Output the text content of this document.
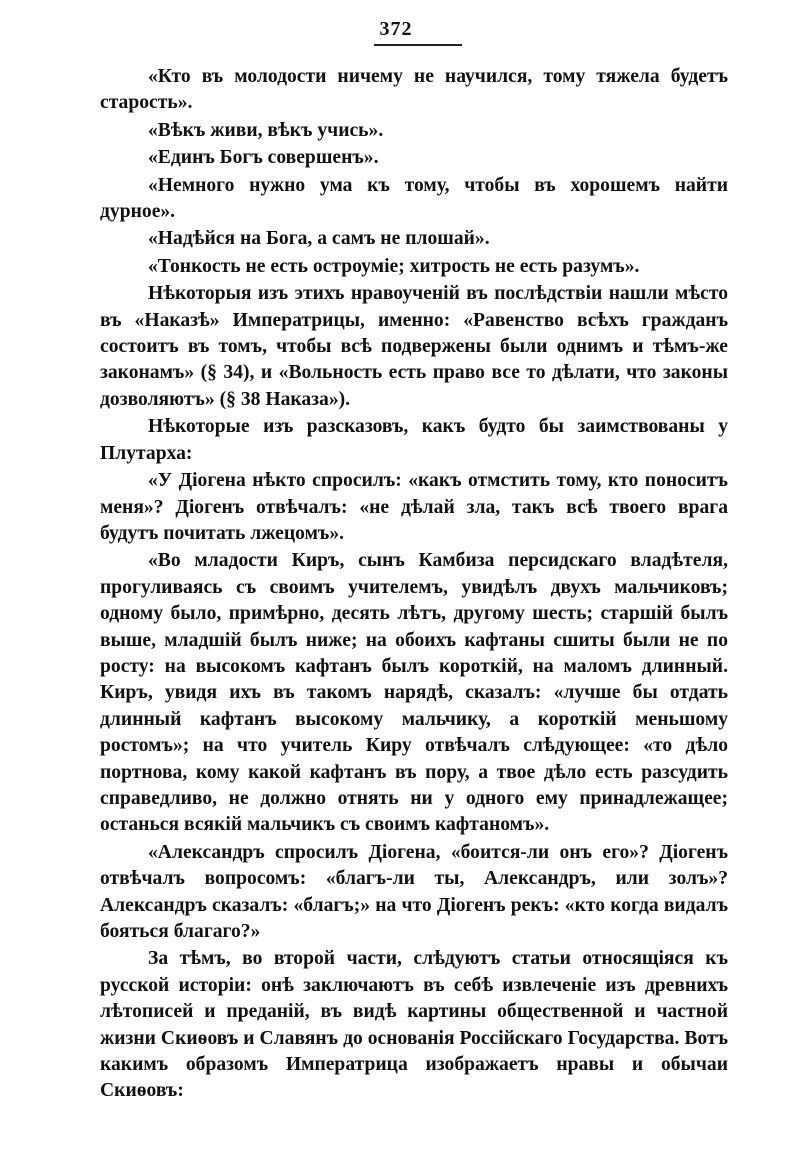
372

«Кто въ молодости ничему не научился, тому тяжела будетъ старость».

«Вѣкъ живи, вѣкъ учись».

«Единъ Богъ совершенъ».

«Немного нужно ума къ тому, чтобы въ хорошемъ найти дурное».

«Надѣйся на Бога, а самъ не плошай».

«Тонкость не есть остроуміе; хитрость не есть разумъ».

Нѣкоторыя изъ этихъ нравоученій въ послѣдствіи нашли мѣсто въ «Наказѣ» Императрицы, именно: «Равенство всѣхъ гражданъ состоитъ въ томъ, чтобы всѣ подвержены были однимъ и тѣмъ-же законамъ» (§ 34), и «Вольность есть право все то дѣлати, что законы дозволяютъ» (§ 38 Наказа»).

Нѣкоторые изъ разсказовъ, какъ будто бы заимствованы у Плутарха:

«У Діогена нѣкто спросилъ: «какъ отмстить тому, кто поноситъ меня»? Діогенъ отвѣчалъ: «не дѣлай зла, такъ всѣ твоего врага будутъ почитать лжецомъ».

«Во младости Киръ, сынъ Камбиза персидскаго владѣтеля, прогуливаясь съ своимъ учителемъ, увидѣлъ двухъ мальчиковъ; одному было, примѣрно, десять лѣтъ, другому шесть; старшій былъ выше, младшій былъ ниже; на обоихъ кафтаны сшиты были не по росту: на высокомъ кафтанъ былъ короткій, на маломъ длинный. Киръ, увидя ихъ въ такомъ нарядѣ, сказалъ: «лучше бы отдать длинный кафтанъ высокому мальчику, а короткій меньшому ростомъ»; на что учитель Киру отвѣчалъ слѣдующее: «то дѣло портнова, кому какой кафтанъ въ пору, а твое дѣло есть разсудить справедливо, не должно отнять ни у одного ему принадлежащее; останься всякій мальчикъ съ своимъ кафтаномъ».

«Александръ спросилъ Діогена, «боится-ли онъ его»? Діогенъ отвѣчалъ вопросомъ: «благъ-ли ты, Александръ, или золъ»? Александръ сказалъ: «благъ;» на что Діогенъ рекъ: «кто когда видалъ бояться благаго?»

За тѣмъ, во второй части, слѣдуютъ статьи относящіяся къ русской исторіи: онѣ заключаютъ въ себѣ извлеченіе изъ древнихъ лѣтописей и преданій, въ видѣ картины общественной и частной жизни Скиѳовъ и Славянъ до основанія Россійскаго Государства. Вотъ какимъ образомъ Императрица изображаетъ нравы и обычаи Скиѳовъ:
